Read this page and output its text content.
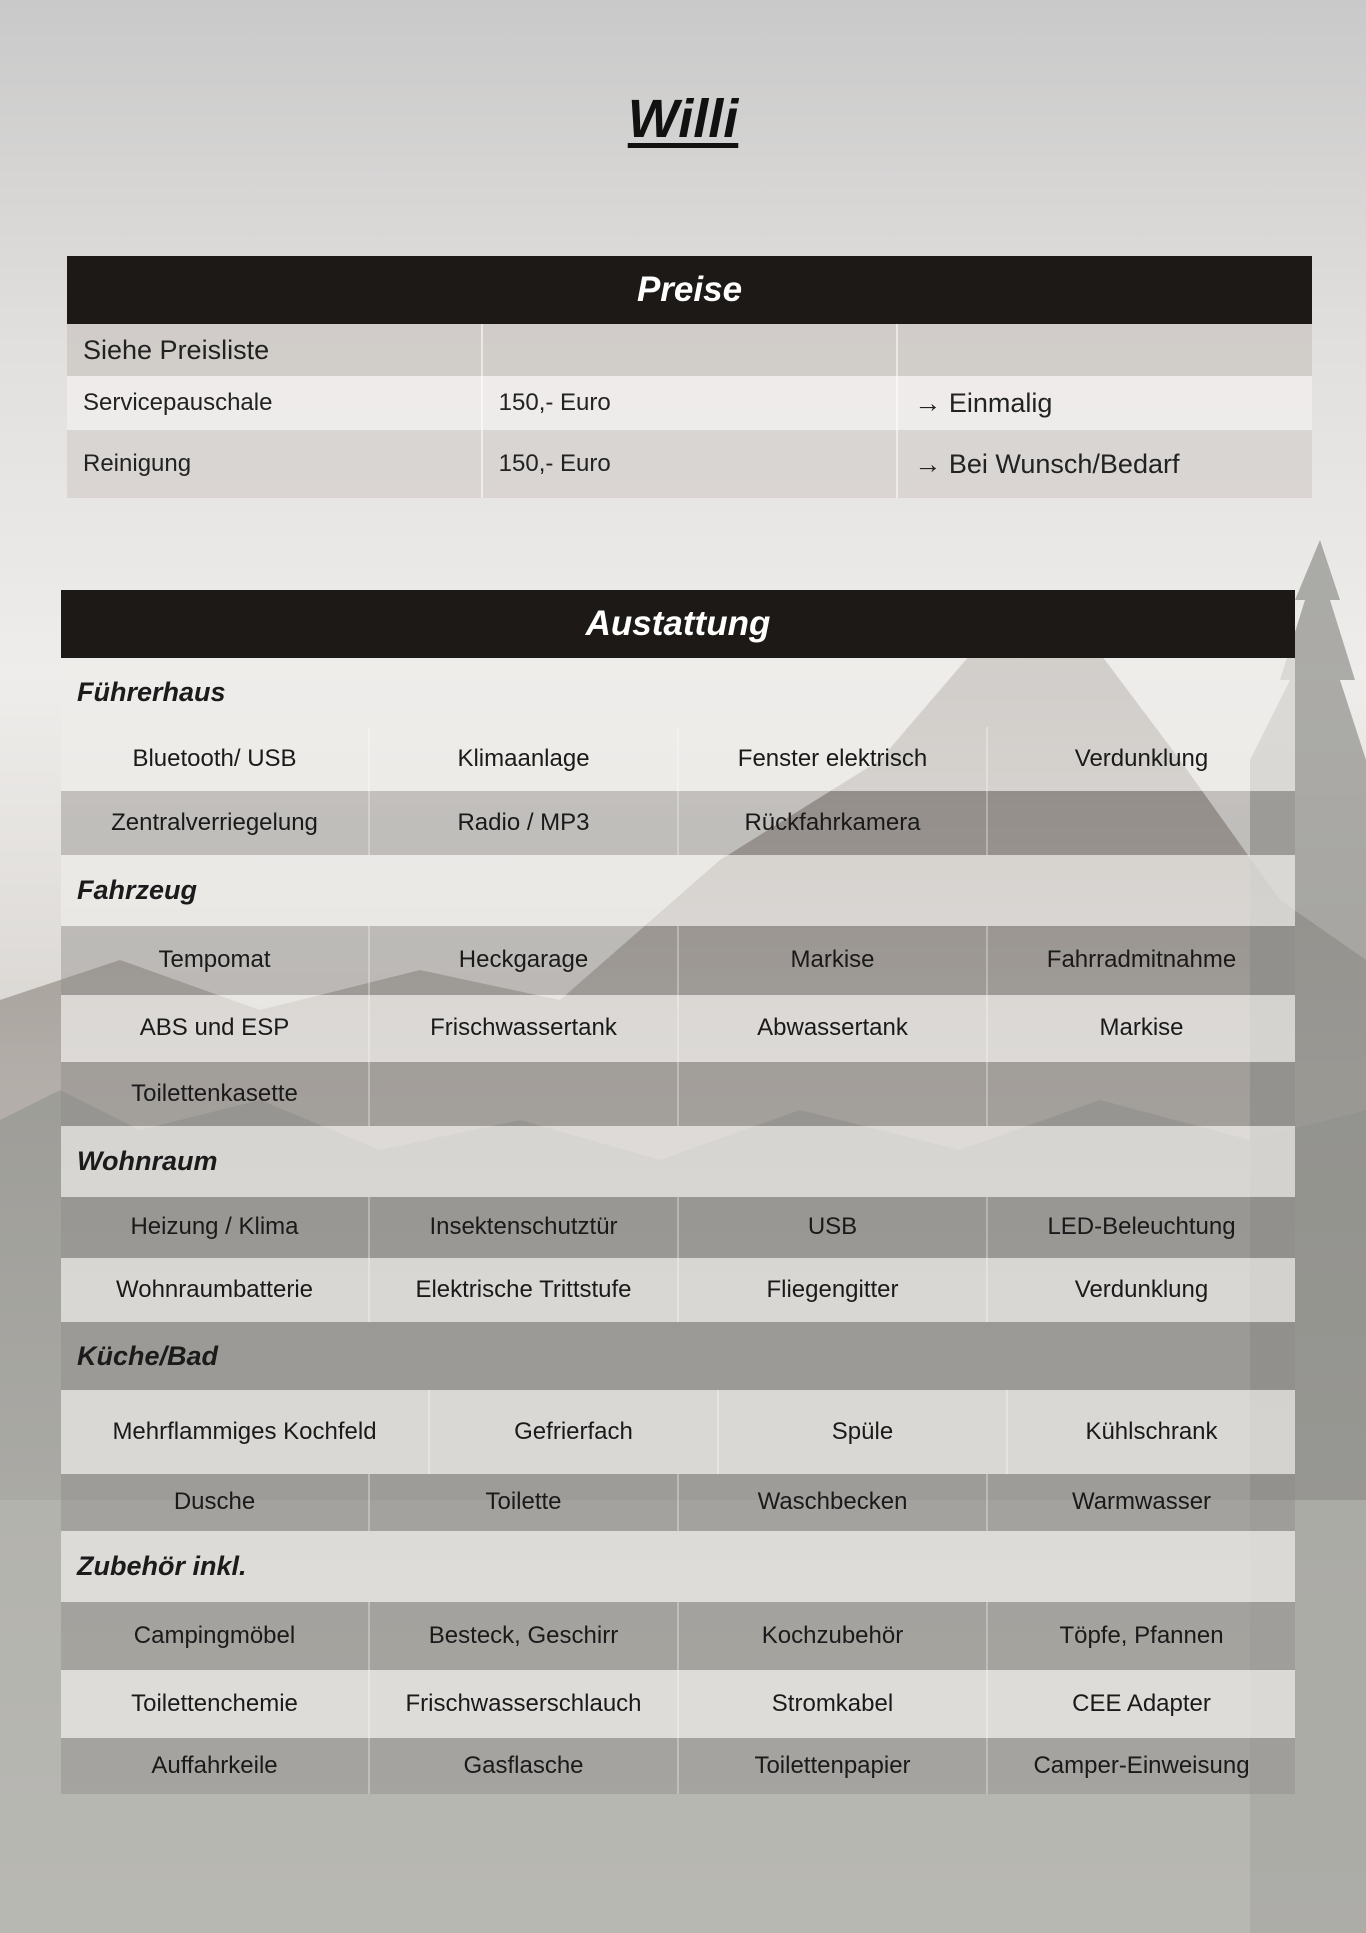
Willi
Preise
Siehe Preisliste
Servicepauschale	150,- Euro	→ Einmalig
Reinigung	150,- Euro	→ Bei Wunsch/Bedarf
Austattung
Führerhaus
Bluetooth/ USB	Klimaanlage	Fenster elektrisch	Verdunklung
Zentralverriegelung	Radio / MP3	Rückfahrkamera
Fahrzeug
Tempomat	Heckgarage	Markise	Fahrradmitnahme
ABS und ESP	Frischwassertank	Abwassertank	Markise
Toilettenkasette
Wohnraum
Heizung / Klima	Insektenschutztür	USB	LED-Beleuchtung
Wohnraumbatterie	Elektrische Trittstufe	Fliegengitter	Verdunklung
Küche/Bad
Mehrflammiges Kochfeld	Gefrierfach	Spüle	Kühlschrank
Dusche	Toilette	Waschbecken	Warmwasser
Zubehör inkl.
Campingmöbel	Besteck, Geschirr	Kochzubehör	Töpfe, Pfannen
Toilettenchemie	Frischwasserschlauch	Stromkabel	CEE Adapter
Auffahrkeile	Gasflasche	Toilettenpapier	Camper-Einweisung
